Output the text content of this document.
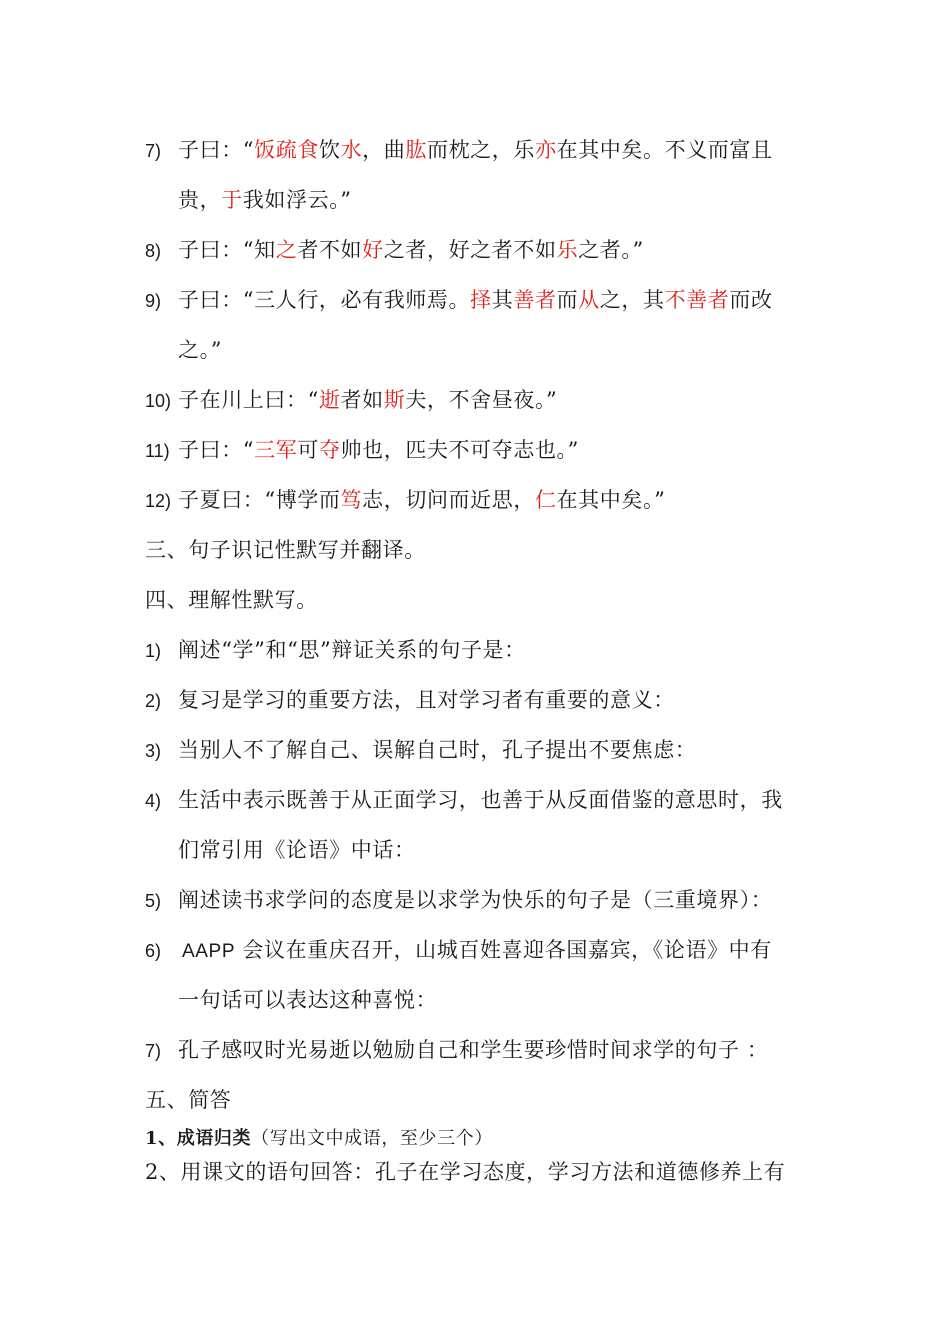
7) 子曰：“饭疏食饮水，曲肱而枕之，乐亦在其中矣。不义而富且
贵，于我如浮云。”
8) 子曰：“知之者不如好之者，好之者不如乐之者。”
9) 子曰：“三人行，必有我师焉。择其善者而从之，其不善者而改
之。”
10) 子在川上曰：“逝者如斯夫，不舍昼夜。”
11) 子曰：“三军可夺帅也，匹夫不可夺志也。”
12) 子夏曰：“博学而笃志，切问而近思，仁在其中矣。”
三、句子识记性默写并翻译。
四、理解性默写。
1) 阐述“学”和“思”辩证关系的句子是：
2) 复习是学习的重要方法，且对学习者有重要的意义：
3) 当别人不了解自己、误解自己时，孔子提出不要焦虑：
4) 生活中表示既善于从正面学习，也善于从反面借鉴的意思时，我
们常引用《论语》中话：
5) 阐述读书求学问的态度是以求学为快乐的句子是（三重境界）：
6)	AAPP 会议在重庆召开，山城百姓喜迎各国嘉宾，《论语》中有
一句话可以表达这种喜悦：
7) 孔子感叹时光易逝以勉励自己和学生要珍惜时间求学的句子 ：
五、简答
1、成语归类（写出文中成语，至少三个）
2、用课文的语句回答：孔子在学习态度，学习方法和道德修养上有
